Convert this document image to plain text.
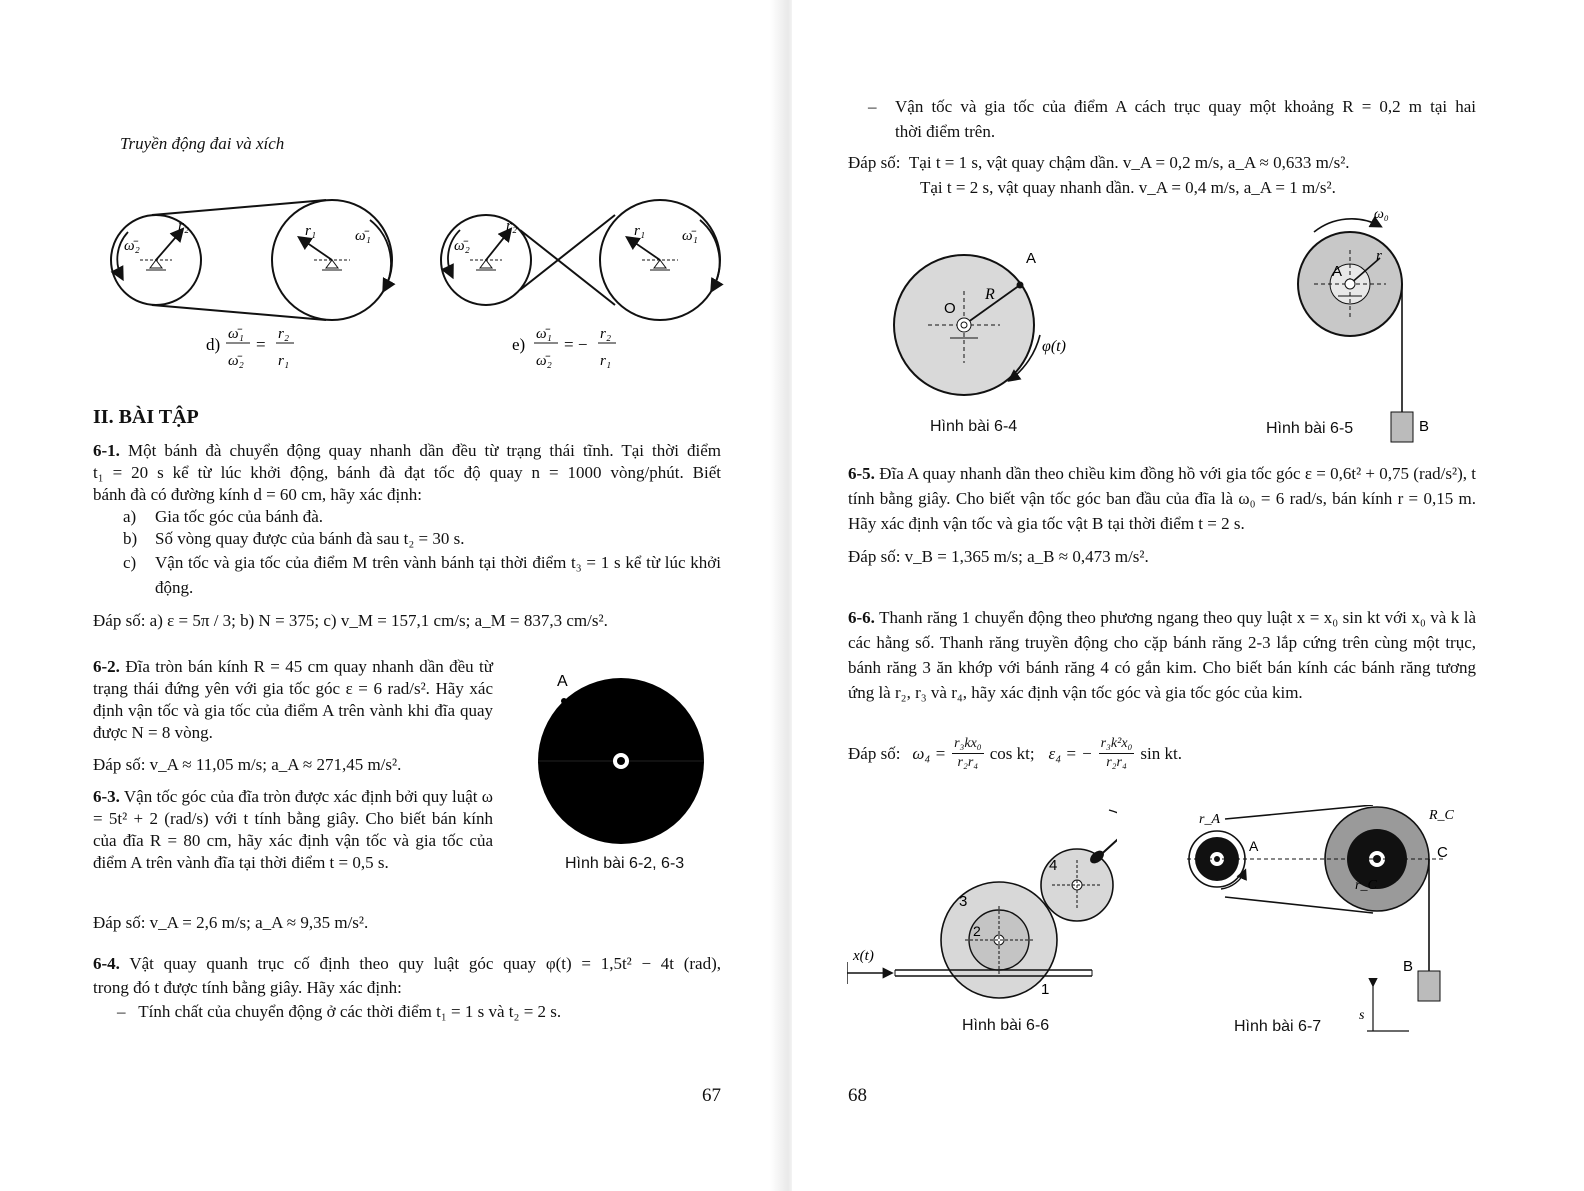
Truyền động đai và xích
r₂	r₁
ω̄₂
ω̄₁
r₂	r₁
ω̄₂
ω̄₁
d)
ω̄₁
ω̄₂
=
r₂
r₁
e)
ω̄₁
ω̄₂
= −
r₂
r₁
II. BÀI TẬP
6-1. Một bánh đà chuyển động quay nhanh dần đều từ trạng thái tĩnh. Tại thời điểm
t₁ = 20 s kể từ lúc khởi động, bánh đà đạt tốc độ quay n = 1000 vòng/phút. Biết
bánh đà có đường kính d = 60 cm, hãy xác định:
a)	Gia tốc góc của bánh đà.
b)	Số vòng quay được của bánh đà sau t₂ = 30 s.
c)	Vận tốc và gia tốc của điểm M trên vành bánh tại thời điểm t₃ = 1 s kể từ lúc khởi động.
Đáp số: a) ε = 5π / 3; b) N = 375; c) v_M = 157,1 cm/s; a_M = 837,3 cm/s².
6-2. Đĩa tròn bán kính R = 45 cm quay nhanh dần đều từ trạng thái đứng yên với gia tốc góc ε = 6 rad/s². Hãy xác định vận tốc và gia tốc của điểm A trên vành khi đĩa quay được N = 8 vòng.
Đáp số: v_A ≈ 11,05 m/s; a_A ≈ 271,45 m/s².
6-3. Vận tốc góc của đĩa tròn được xác định bởi quy luật ω = 5t² + 2 (rad/s) với t tính bằng giây. Cho biết bán kính của đĩa R = 80 cm, hãy xác định vận tốc và gia tốc của điểm A trên vành đĩa tại thời điểm t = 0,5 s.
Đáp số: v_A = 2,6 m/s; a_A ≈ 9,35 m/s².
A
Hình bài 6-2, 6-3
6-4. Vật quay quanh trục cố định theo quy luật góc quay φ(t) = 1,5t² − 4t (rad),
trong đó t được tính bằng giây. Hãy xác định:
–   Tính chất của chuyển động ở các thời điểm t₁ = 1 s và t₂ = 2 s.
67
–	Vận tốc và gia tốc của điểm A cách trục quay một khoảng R = 0,2 m tại hai
thời điểm trên.
Đáp số: Tại t = 1 s, vật quay chậm dần. v_A = 0,2 m/s, a_A ≈ 0,633 m/s².
Tại t = 2 s, vật quay nhanh dần. v_A = 0,4 m/s, a_A = 1 m/s².
O
R
A
φ(t)
Hình bài 6-4
A
r
ω₀
B
Hình bài 6-5
6-5. Đĩa A quay nhanh dần theo chiều kim đồng hồ với gia tốc góc ε = 0,6t² + 0,75 (rad/s²), t tính bằng giây. Cho biết vận tốc góc ban đầu của đĩa là ω₀ = 6 rad/s, bán kính r = 0,15 m. Hãy xác định vận tốc và gia tốc vật B tại thời điểm t = 2 s.
Đáp số: v_B = 1,365 m/s; a_B ≈ 0,473 m/s².
6-6. Thanh răng 1 chuyển động theo phương ngang theo quy luật x = x₀ sin kt với x₀ và k là các hằng số. Thanh răng truyền động cho cặp bánh răng 2-3 lắp cứng trên cùng một trục, bánh răng 3 ăn khớp với bánh răng 4 có gắn kim. Cho biết bán kính các bánh răng tương ứng là r₂, r₃ và r₄, hãy xác định vận tốc góc và gia tốc góc của kim.
Đáp số: $\omega_4 = \frac{\text{r₃kx₀}}{\text{r₂r₄}}$ cos kt; ε₄ = − $\frac{\text{r₃k²x₀}}{\text{r₂r₄}}$ sin kt.
x(t)
3
2
4
1
Hình bài 6-6
r_A
A
R_C
C
r_C
B
s
Hình bài 6-7
68
